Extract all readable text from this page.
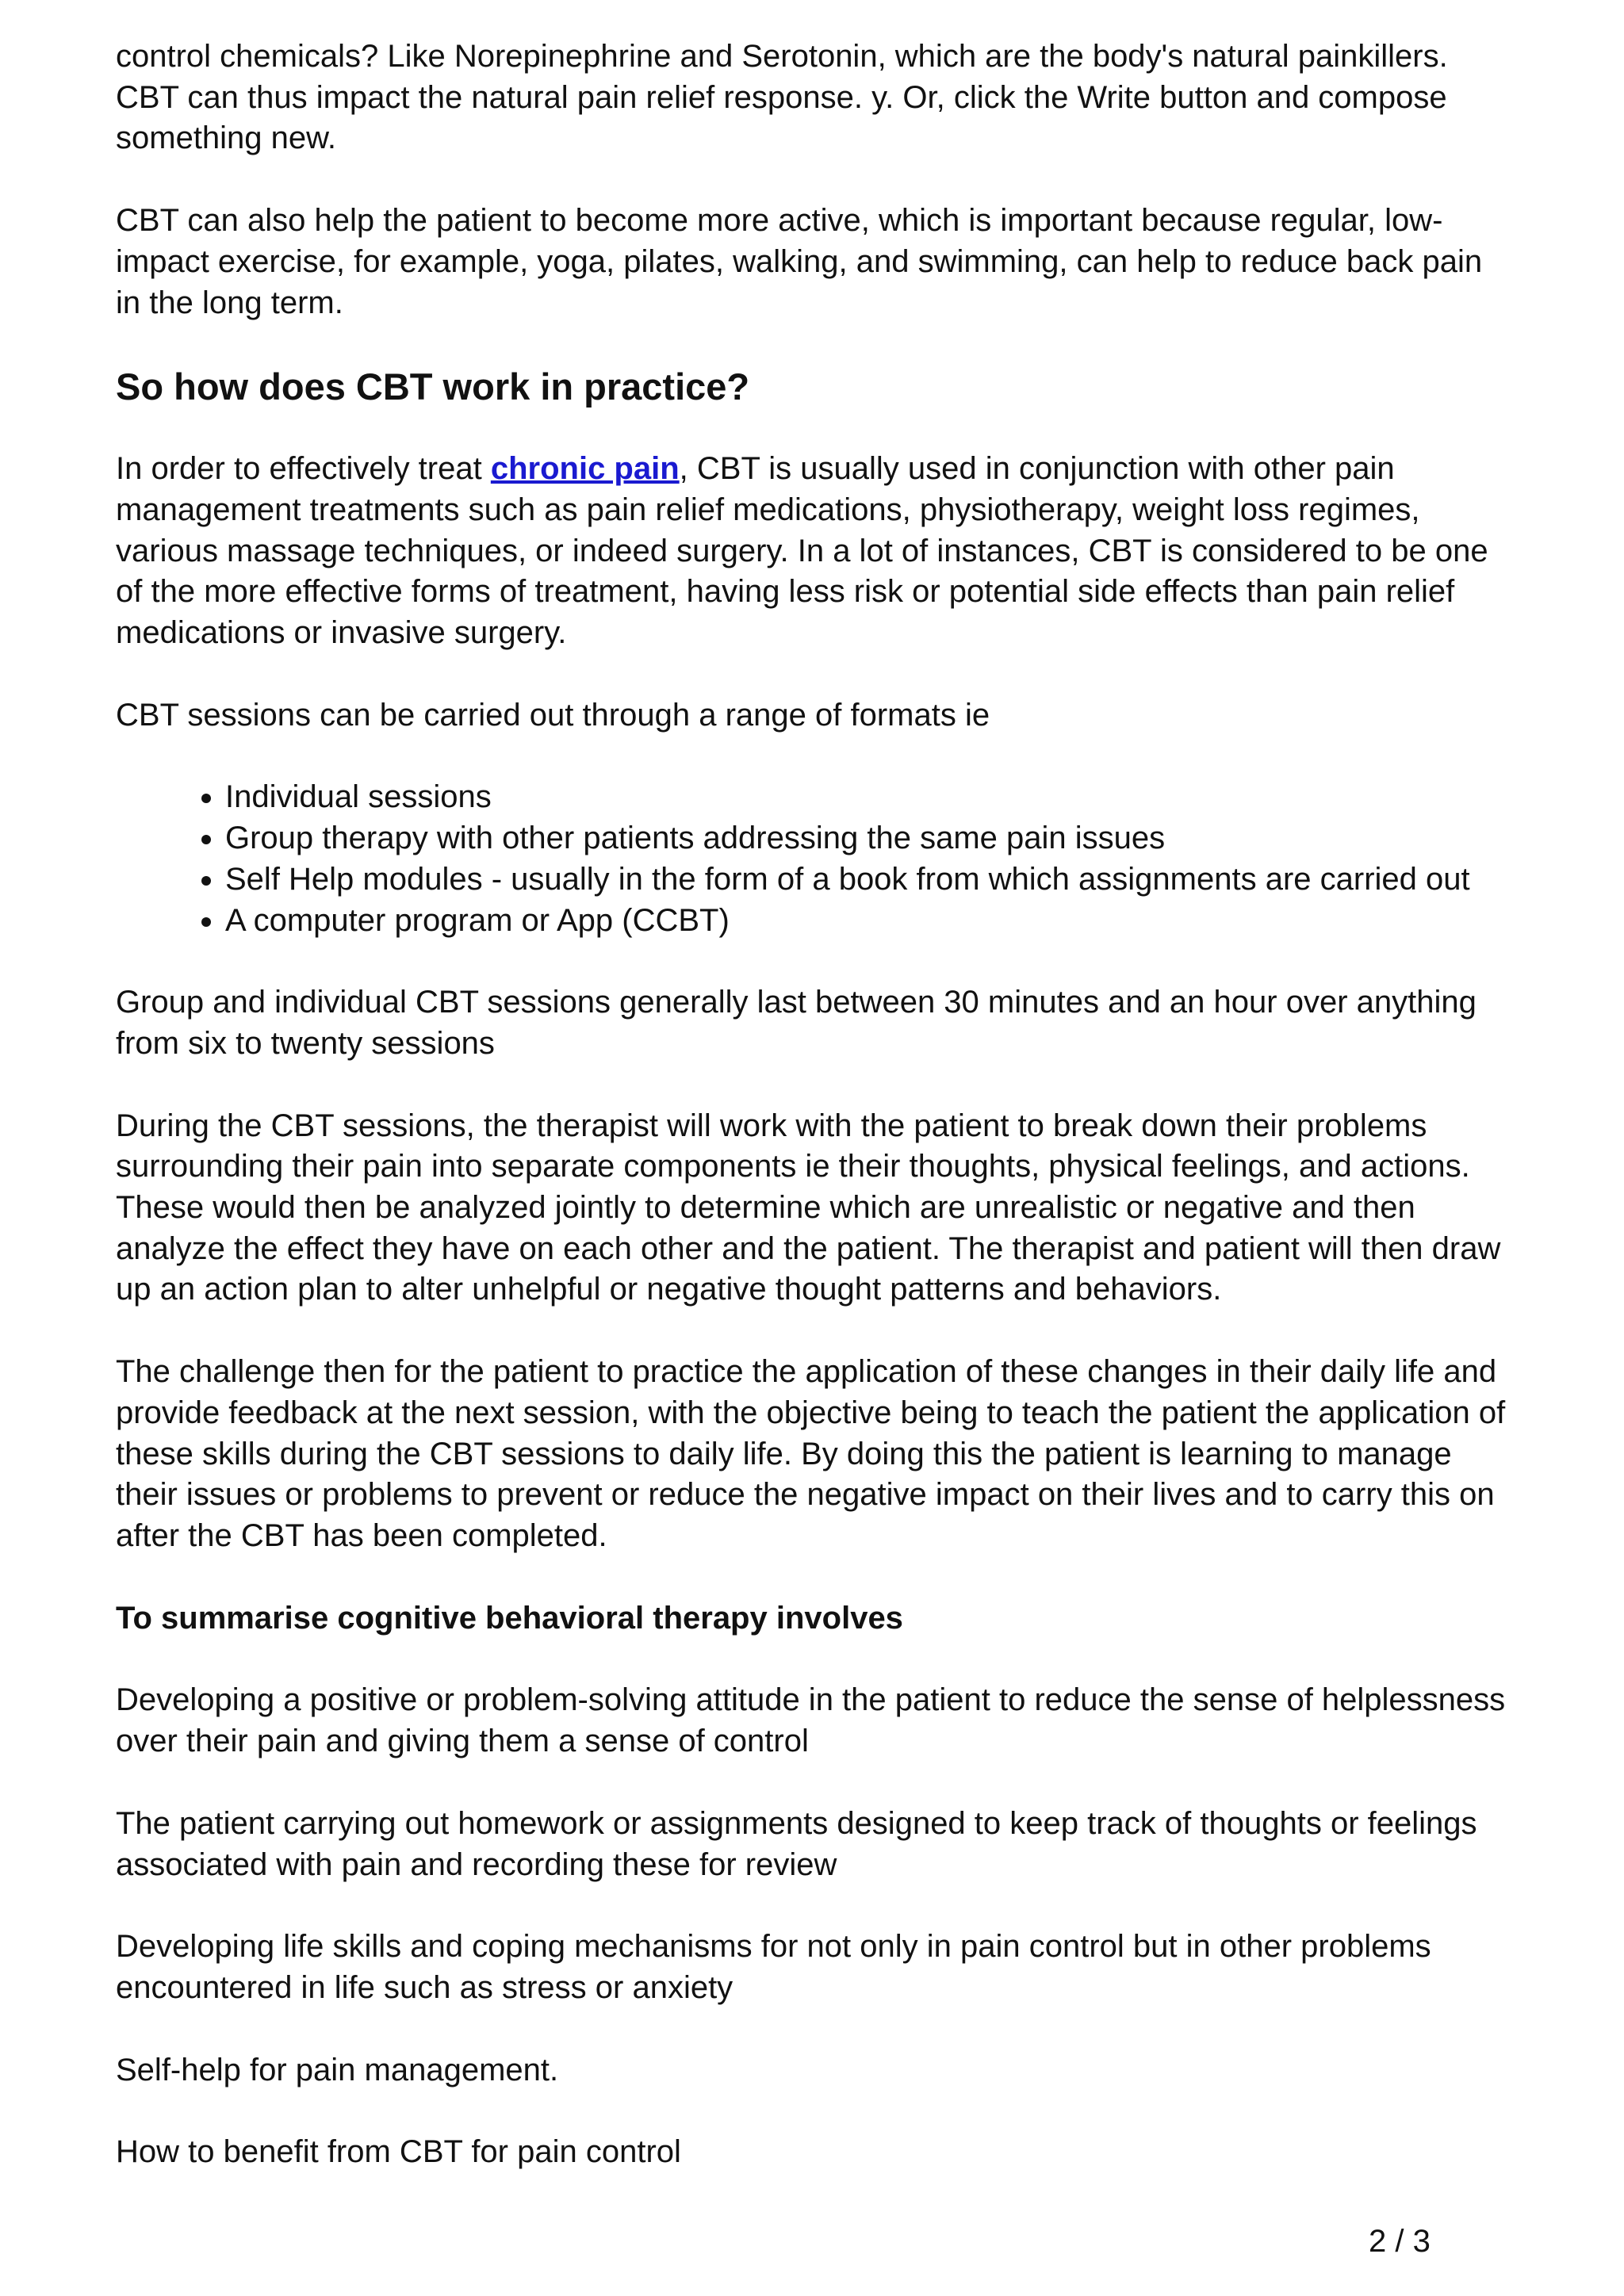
control chemicals? Like Norepinephrine and Serotonin, which are the body's natural painkillers. CBT can thus impact the natural pain relief response. y. Or, click the Write button and compose something new.

CBT can also help the patient to become more active, which is important because regular, low-impact exercise, for example, yoga, pilates, walking, and swimming, can help to reduce back pain in the long term.

So how does CBT work in practice?

In order to effectively treat chronic pain, CBT is usually used in conjunction with other pain management treatments such as pain relief medications, physiotherapy, weight loss regimes, various massage techniques, or indeed surgery. In a lot of instances, CBT is considered to be one of the more effective forms of treatment, having less risk or potential side effects than pain relief medications or invasive surgery.

CBT sessions can be carried out through a range of formats ie

• Individual sessions
• Group therapy with other patients addressing the same pain issues
• Self Help modules - usually in the form of a book from which assignments are carried out
• A computer program or App (CCBT)

Group and individual CBT sessions generally last between 30 minutes and an hour over anything from six to twenty sessions

During the CBT sessions, the therapist will work with the patient to break down their problems surrounding their pain into separate components ie their thoughts, physical feelings, and actions. These would then be analyzed jointly to determine which are unrealistic or negative and then analyze the effect they have on each other and the patient. The therapist and patient will then draw up an action plan to alter unhelpful or negative thought patterns and behaviors.

The challenge then for the patient to practice the application of these changes in their daily life and provide feedback at the next session, with the objective being to teach the patient the application of these skills during the CBT sessions to daily life. By doing this the patient is learning to manage their issues or problems to prevent or reduce the negative impact on their lives and to carry this on after the CBT has been completed.

To summarise cognitive behavioral therapy involves

Developing a positive or problem-solving attitude in the patient to reduce the sense of helplessness over their pain and giving them a sense of control

The patient carrying out homework or assignments designed to keep track of thoughts or feelings associated with pain and recording these for review

Developing life skills and coping mechanisms for not only in pain control but in other problems encountered in life such as stress or anxiety

Self-help for pain management.

How to benefit from CBT for pain control

2 / 3
